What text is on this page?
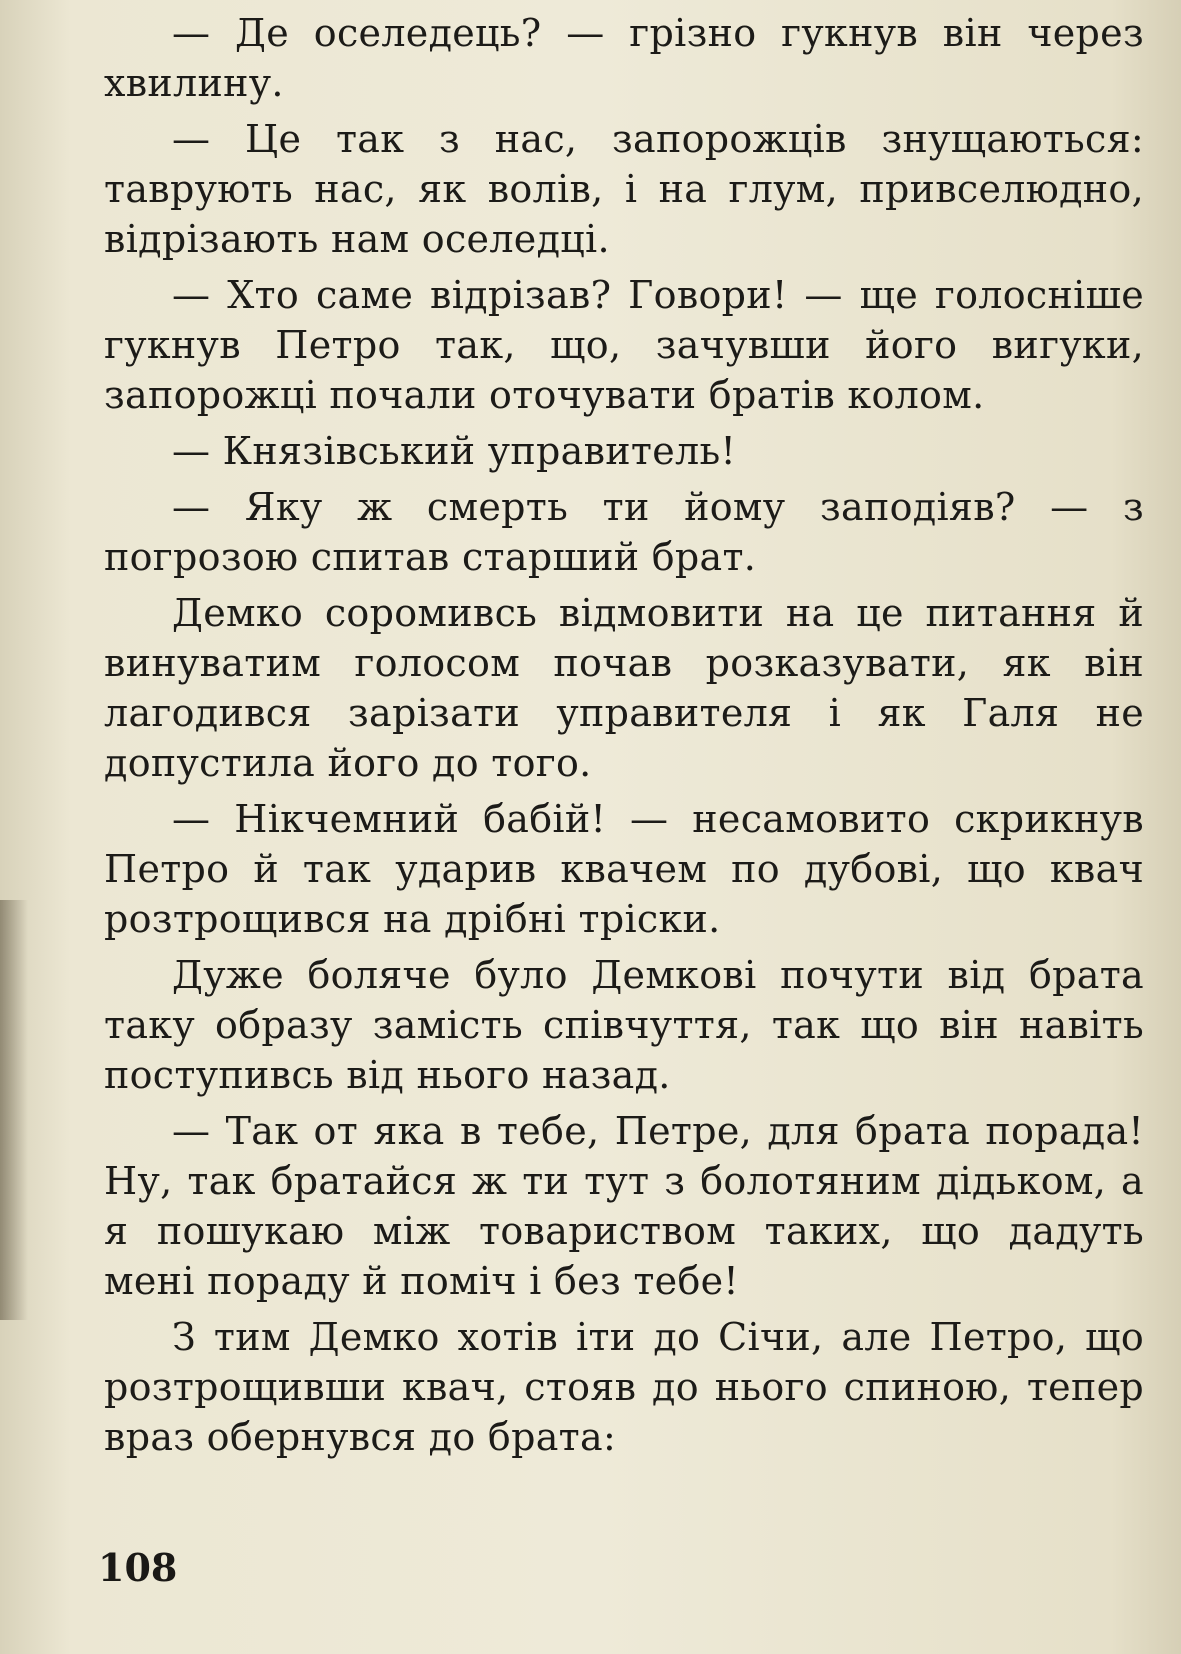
— Де оселедець? — грізно гукнув він через хвилину.

— Це так з нас, запорожців знущаються: таврують нас, як волів, і на глум, привселюдно, відрізають нам оселедці.

— Хто саме відрізав? Говори! — ще голосніше гукнув Петро так, що, зачувши його вигуки, запорожці почали оточувати братів колом.

— Князівський управитель!

— Яку ж смерть ти йому заподіяв? — з погрозою спитав старший брат.

Демко соромивсь відмовити на це питання й винуватим голосом почав розказувати, як він лагодився зарізати управителя і як Галя не допустила його до того.

— Нікчемний бабій! — несамовито скрикнув Петро й так ударив квачем по дубові, що квач розтрощився на дрібні тріски.

Дуже боляче було Демкові почути від брата таку образу замість співчуття, так що він навіть поступивсь від нього назад.

— Так от яка в тебе, Петре, для брата порада! Ну, так братайся ж ти тут з болотяним дідьком, а я пошукаю між товариством таких, що дадуть мені пораду й поміч і без тебе!

З тим Демко хотів іти до Січи, але Петро, що розтрощивши квач, стояв до нього спиною, тепер враз обернувся до брата:

108
